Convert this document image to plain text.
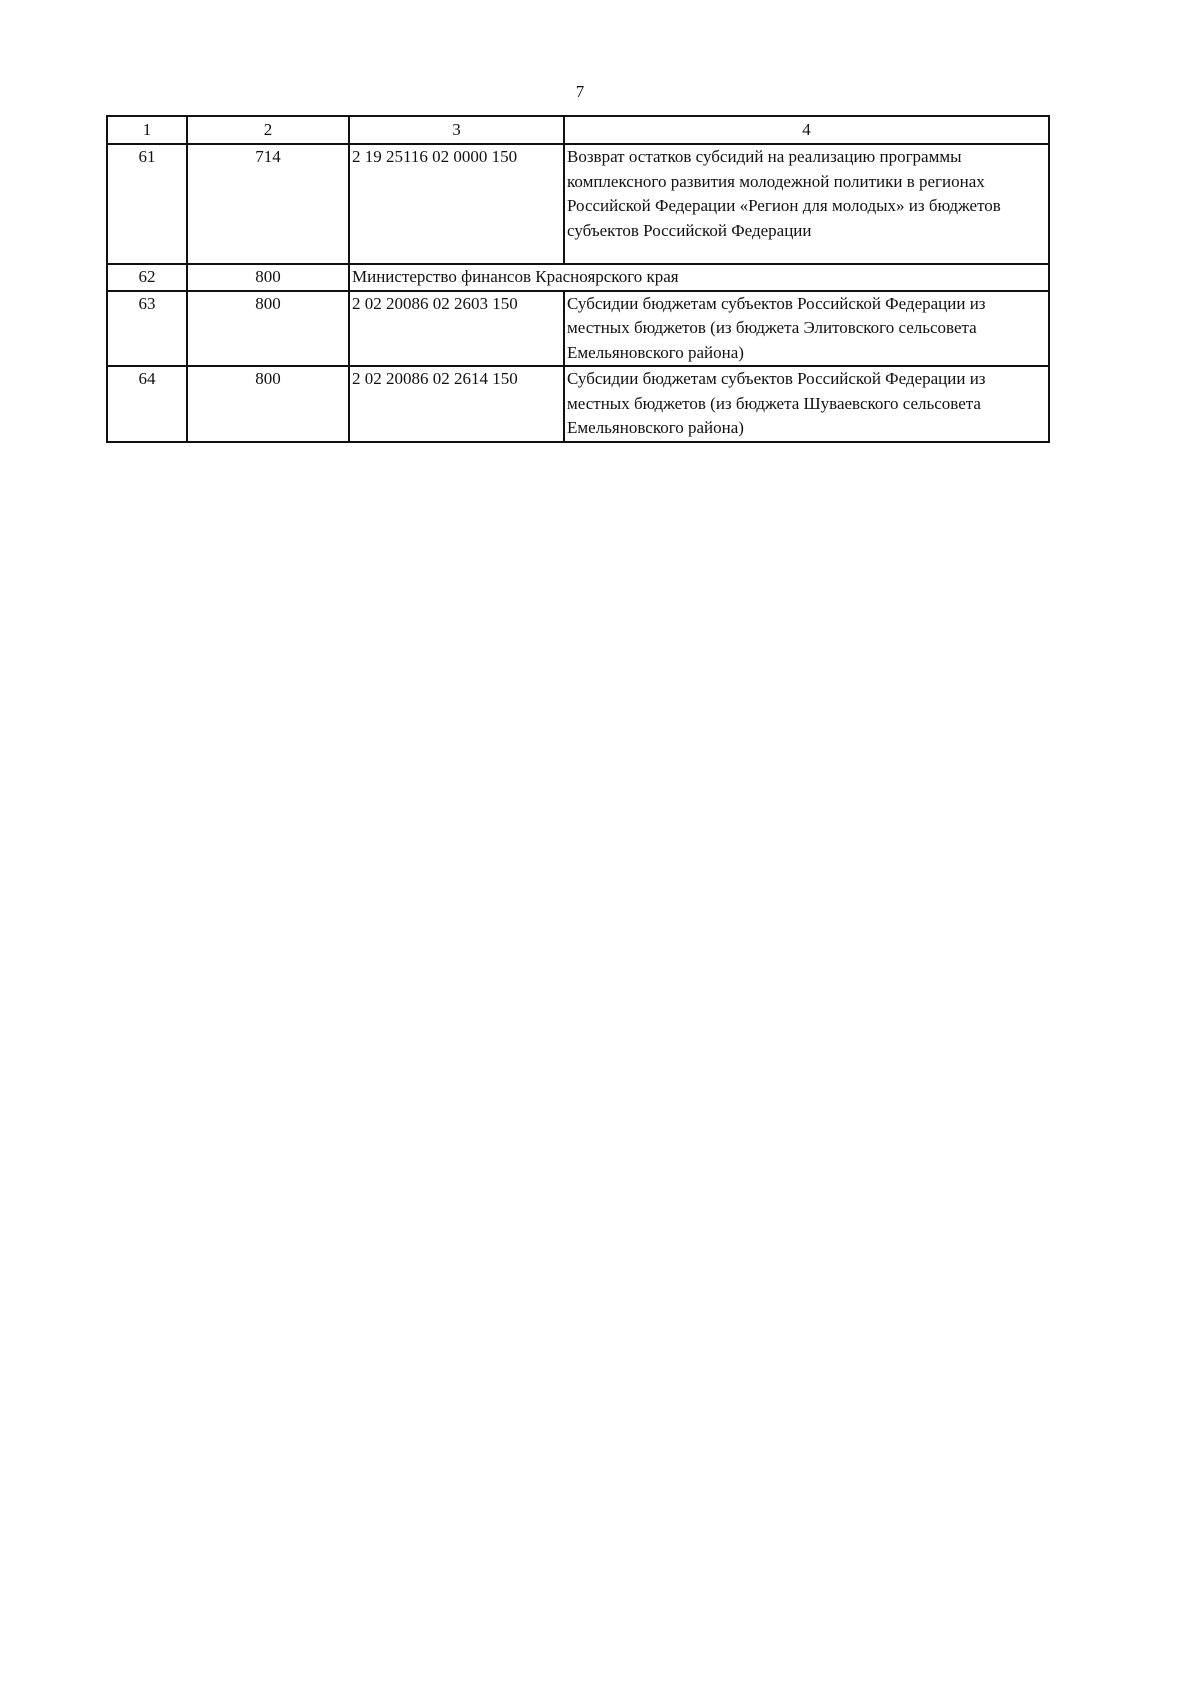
7
1	2	3	4
61	714	2 19 25116 02 0000 150	Возврат остатков субсидий на реализацию программы комплексного развития молодежной политики в регионах Российской Федерации «Регион для молодых» из бюджетов субъектов Российской Федерации
62	800	Министерство финансов Красноярского края	
63	800	2 02 20086 02 2603 150	Субсидии бюджетам субъектов Российской Федерации из местных бюджетов (из бюджета Элитовского сельсовета Емельяновского района)
64	800	2 02 20086 02 2614 150	Субсидии бюджетам субъектов Российской Федерации из местных бюджетов (из бюджета Шуваевского сельсовета Емельяновского района)
